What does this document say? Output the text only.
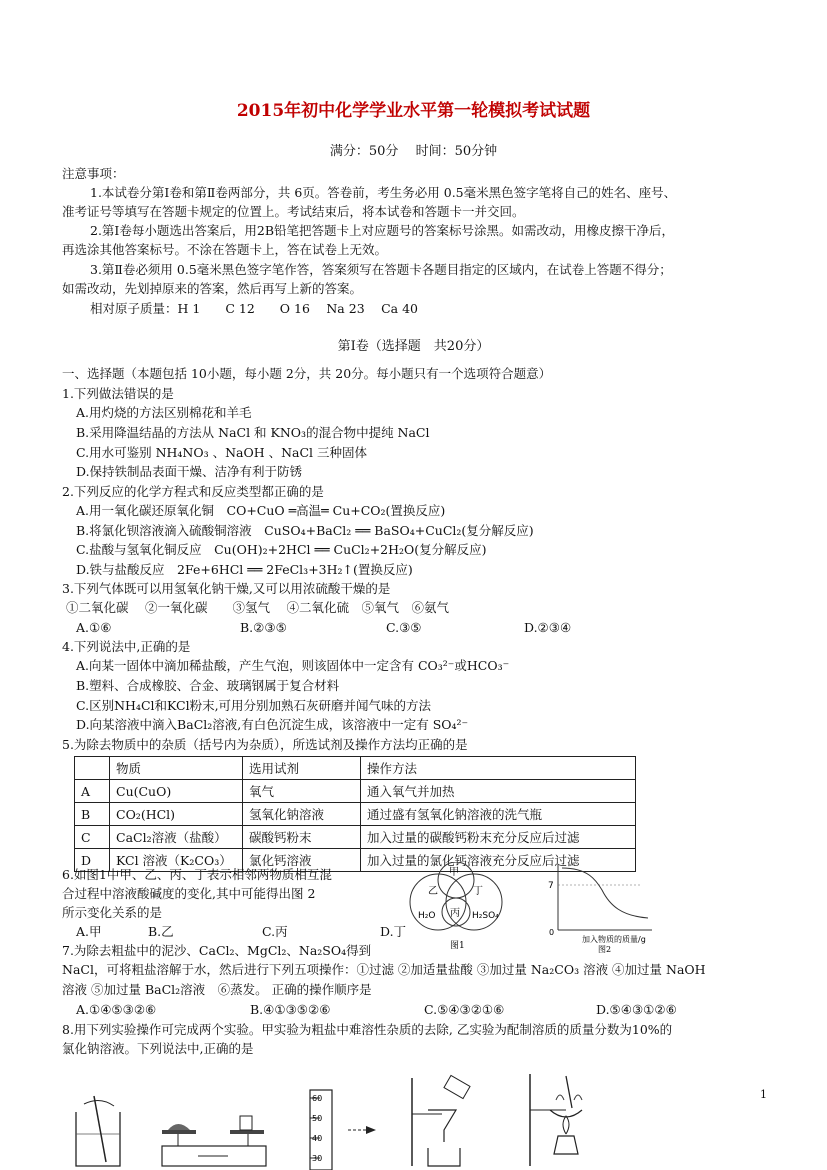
2015年初中化学学业水平第一轮模拟考试试题
满分：50分　 时间：50分钟
注意事项：
1.本试卷分第Ⅰ卷和第Ⅱ卷两部分，共 6页。答卷前，考生务必用 0.5毫米黑色签字笔将自己的姓名、座号、
准考证号等填写在答题卡规定的位置上。考试结束后，将本试卷和答题卡一并交回。
2.第Ⅰ卷每小题选出答案后，用2B铅笔把答题卡上对应题号的答案标号涂黑。如需改动，用橡皮擦干净后，
再选涂其他答案标号。不涂在答题卡上，答在试卷上无效。
3.第Ⅱ卷必须用 0.5毫米黑色签字笔作答，答案须写在答题卡各题目指定的区域内，在试卷上答题不得分；
如需改动，先划掉原来的答案，然后再写上新的答案。
相对原子质量：H 1　　C 12　　O 16　 Na 23　 Ca 40
第Ⅰ卷（选择题　共20分）
一、选择题（本题包括 10小题，每小题 2分，共 20分。每小题只有一个选项符合题意）
1.下列做法错误的是
A.用灼烧的方法区别棉花和羊毛
B.采用降温结晶的方法从 NaCl 和 KNO₃的混合物中提纯 NaCl
C.用水可鉴别 NH₄NO₃ 、NaOH 、NaCl 三种固体
D.保持铁制品表面干燥、洁净有利于防锈
2.下列反应的化学方程式和反应类型都正确的是
A.用一氧化碳还原氧化铜　CO+CuO ═高温═ Cu+CO₂(置换反应)
B.将氯化钡溶液滴入硫酸铜溶液　CuSO₄+BaCl₂ ══ BaSO₄+CuCl₂(复分解反应)
C.盐酸与氢氧化铜反应　Cu(OH)₂+2HCl ══ CuCl₂+2H₂O(复分解反应)
D.铁与盐酸反应　2Fe+6HCl ══ 2FeCl₃+3H₂↑(置换反应)
3.下列气体既可以用氢氧化钠干燥,又可以用浓硫酸干燥的是
①二氧化碳　 ②一氧化碳　　③氢气　 ④二氧化硫　⑤氧气　⑥氨气
A.①⑥	B.②③⑤	C.③⑤	D.②③④
4.下列说法中,正确的是
A.向某一固体中滴加稀盐酸，产生气泡，则该固体中一定含有 CO₃²⁻或HCO₃⁻
B.塑料、合成橡胶、合金、玻璃钢属于复合材料
C.区别NH₄Cl和KCl粉末,可用分别加熟石灰研磨并闻气味的方法
D.向某溶液中滴入BaCl₂溶液,有白色沉淀生成，该溶液中一定有 SO₄²⁻
5.为除去物质中的杂质（括号内为杂质），所选试剂及操作方法均正确的是
	物质	选用试剂	操作方法
A	Cu(CuO)	氧气	通入氧气并加热
B	CO₂(HCl)	氢氧化钠溶液	通过盛有氢氧化钠溶液的洗气瓶
C	CaCl₂溶液（盐酸）	碳酸钙粉末	加入过量的碳酸钙粉末充分反应后过滤
D	KCl 溶液（K₂CO₃）	氯化钙溶液	加入过量的氯化钙溶液充分反应后过滤
6.如图1中甲、乙、丙、丁表示相邻两物质相互混
合过程中溶液酸碱度的变化,其中可能得出图 2
所示变化关系的是
A.甲	B.乙	C.丙	D.丁
甲
乙	丁
丙
H₂O	H₂SO₄
图1
7
0
加入物质的质量/g
图2
7.为除去粗盐中的泥沙、CaCl₂、MgCl₂、Na₂SO₄得到
NaCl，可将粗盐溶解于水，然后进行下列五项操作：①过滤 ②加适量盐酸 ③加过量 Na₂CO₃ 溶液 ④加过量 NaOH
溶液 ⑤加过量 BaCl₂溶液　⑥蒸发。 正确的操作顺序是
A.①④⑤③②⑥	B.④①③⑤②⑥	C.⑤④③②①⑥	D.⑤④③①②⑥
8.用下列实验操作可完成两个实验。甲实验为粗盐中难溶性杂质的去除, 乙实验为配制溶质的质量分数为10%的
氯化钠溶液。下列说法中,正确的是
60
50
40
30
1
